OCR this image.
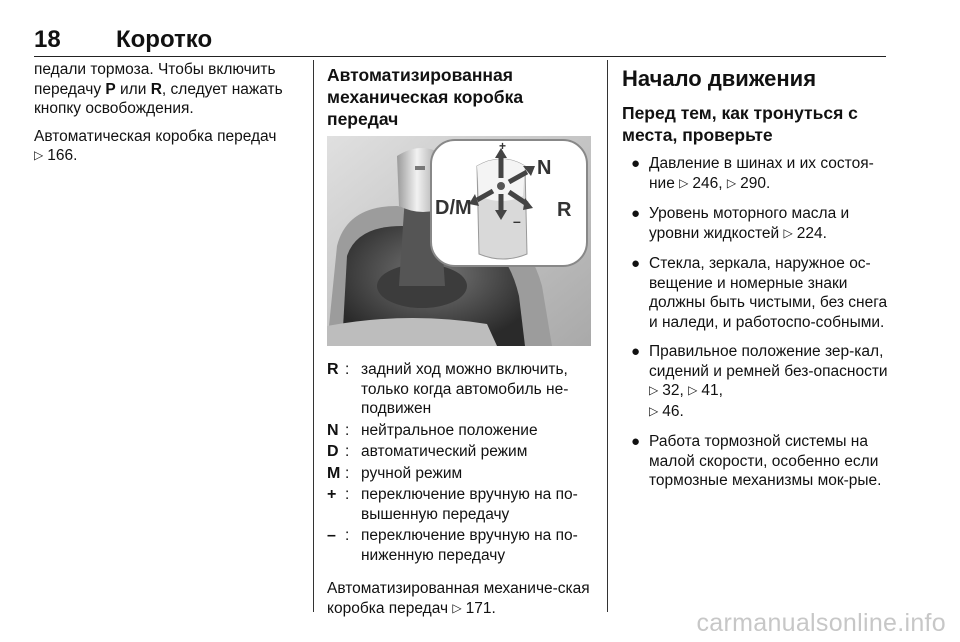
18 Коротко

педали тормоза. Чтобы включить передачу P или R, следует нажать кнопку освобождения.

Автоматическая коробка передач
▷ 166.

Автоматизированная механическая коробка передач
+
–
D/M
N
R
R : задний ход можно включить, только когда автомобиль не-подвижен
N : нейтральное положение
D : автоматический режим
M : ручной режим
+ : переключение вручную на по-вышенную передачу
– : переключение вручную на по-ниженную передачу

Автоматизированная механиче-ская коробка передач ▷ 171.

Начало движения
Перед тем, как тронуться с места, проверьте
● Давление в шинах и их состоя-ние ▷ 246, ▷ 290.
● Уровень моторного масла и уровни жидкостей ▷ 224.
● Стекла, зеркала, наружное ос-вещение и номерные знаки должны быть чистыми, без снега и наледи, и работоспо-собными.
● Правильное положение зер-кал, сидений и ремней без-опасности ▷ 32, ▷ 41,
▷ 46.
● Работа тормозной системы на малой скорости, особенно если тормозные механизмы мок-рые.
carmanualsonline.info
